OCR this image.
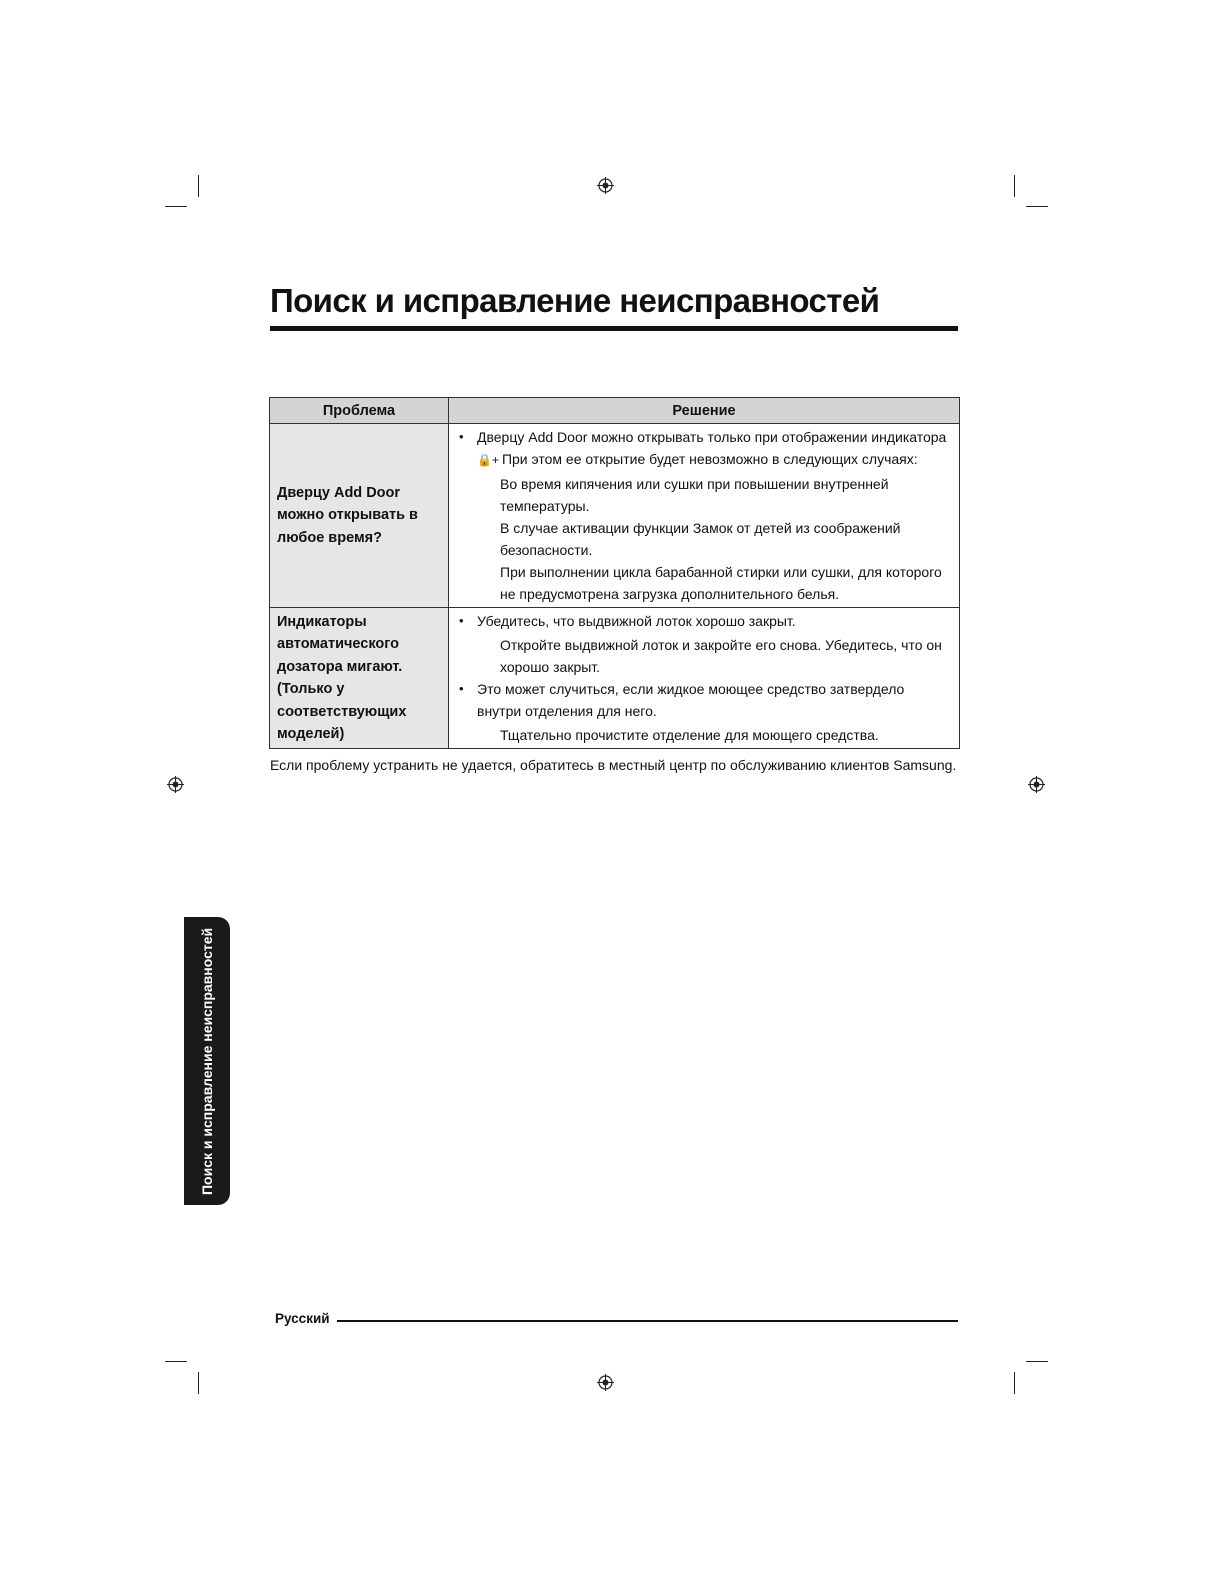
Поиск и исправление неисправностей
Проблема	Решение
Дверцу Add Door можно открывать в любое время?	• Дверцу Add Door можно открывать только при отображении индикатора
🔒+ При этом ее открытие будет невозможно в следующих случаях:
Во время кипячения или сушки при повышении внутренней температуры.
В случае активации функции Замок от детей из соображений безопасности.
При выполнении цикла барабанной стирки или сушки, для которого не предусмотрена загрузка дополнительного белья.

Индикаторы автоматического дозатора мигают. (Только у соответствующих моделей)	• Убедитесь, что выдвижной лоток хорошо закрыт.
Откройте выдвижной лоток и закройте его снова. Убедитесь, что он хорошо закрыт.
• Это может случиться, если жидкое моющее средство затвердело внутри отделения для него.
Тщательно прочистите отделение для моющего средства.
Если проблему устранить не удается, обратитесь в местный центр по обслуживанию клиентов Samsung.
Поиск и исправление неисправностей
Русский
